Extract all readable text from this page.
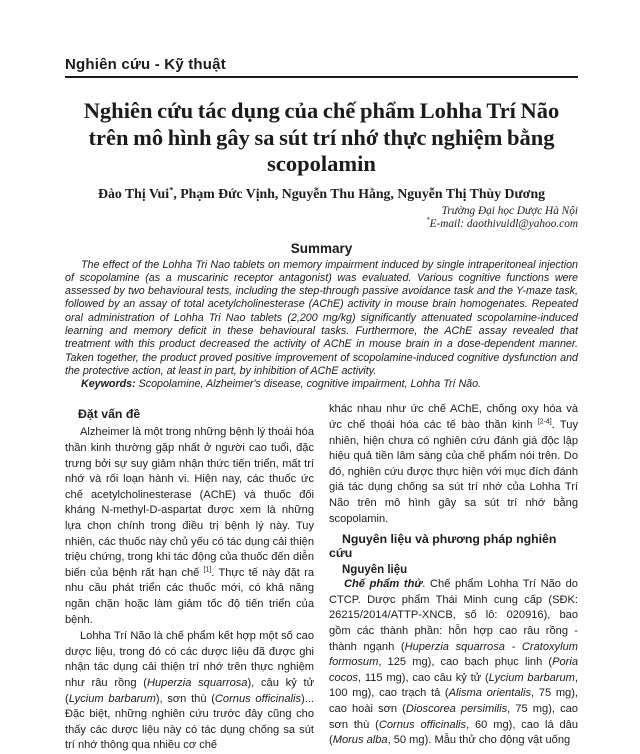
Nghiên cứu - Kỹ thuật
Nghiên cứu tác dụng của chế phẩm Lohha Trí Não
trên mô hình gây sa sút trí nhớ thực nghiệm bằng scopolamin
Đào Thị Vui*, Phạm Đức Vịnh, Nguyễn Thu Hằng, Nguyễn Thị Thùy Dương
Trường Đại học Dược Hà Nội
*E-mail: daothivuidl@yahoo.com
Summary

The effect of the Lohha Tri Nao tablets on memory impairment induced by single intraperitoneal injection of scopolamine (as a muscarinic receptor antagonist) was evaluated. Various cognitive functions were assessed by two behavioural tests, including the step-through passive avoidance task and the Y-maze task, followed by an assay of total acetylcholinesterase (AChE) activity in mouse brain homogenates. Repeated oral administration of Lohha Tri Nao tablets (2,200 mg/kg) significantly attenuated scopolamine-induced learning and memory deficit in these behavioural tasks. Furthermore, the AChE assay revealed that treatment with this product decreased the activity of AChE in mouse brain in a dose-dependent manner. Taken together, the product proved positive improvement of scopolamine-induced cognitive dysfunction and the protective action, at least in part, by inhibition of AChE activity.

Keywords: Scopolamine, Alzheimer's disease, cognitive impairment, Lohha Trí Não.

Đặt vấn đề

Alzheimer là một trong những bệnh lý thoái hóa thần kinh thường gặp nhất ở người cao tuổi, đặc trưng bởi sự suy giảm nhận thức tiến triển, mất trí nhớ và rối loạn hành vi. Hiện nay, các thuốc ức chế acetylcholinesterase (AChE) và thuốc đối kháng N-methyl-D-aspartat được xem là những lựa chọn chính trong điều trị bệnh lý này. Tuy nhiên, các thuốc này chủ yếu có tác dụng cải thiện triệu chứng, trong khi tác động của thuốc đến diễn biến của bệnh rất hạn chế [1]. Thực tế này đặt ra nhu cầu phát triển các thuốc mới, có khả năng ngăn chặn hoặc làm giảm tốc độ tiến triển của bệnh.

Lohha Trí Não là chế phẩm kết hợp một số cao dược liệu, trong đó có các dược liệu đã được ghi nhận tác dụng cải thiện trí nhớ trên thực nghiệm như râu rồng (Huperzia squarrosa), câu kỷ tử (Lycium barbarum), sơn thù (Cornus officinalis)... Đặc biệt, những nghiên cứu trước đây cũng cho thấy các dược liệu này có tác dụng chống sa sút trí nhớ thông qua nhiều cơ chế

khác nhau như ức chế AChE, chống oxy hóa và ức chế thoái hóa các tế bào thần kinh [2-4]. Tuy nhiên, hiện chưa có nghiên cứu đánh giá độc lập hiệu quả tiền lâm sàng của chế phẩm nói trên. Do đó, nghiên cứu được thực hiện với mục đích đánh giá tác dụng chống sa sút trí nhớ của Lohha Trí Não trên mô hình gây sa sút trí nhớ bằng scopolamin.

Nguyên liệu và phương pháp nghiên cứu
Nguyên liệu

Chế phẩm thử. Chế phẩm Lohha Trí Não do CTCP. Dược phẩm Thái Minh cung cấp (SĐK: 26215/2014/ATTP-XNCB, số lô: 020916), bao gồm các thành phần: hỗn hợp cao râu rồng - thành ngạnh (Huperzia squarrosa - Cratoxylum formosum, 125 mg), cao bạch phục linh (Poria cocos, 115 mg), cao câu kỷ tử (Lycium barbarum, 100 mg), cao trạch tả (Alisma orientalis, 75 mg), cao hoài sơn (Dioscorea persimilis, 75 mg), cao sơn thù (Cornus officinalis, 60 mg), cao lá dâu (Morus alba, 50 mg). Mẫu thử cho động vật uống
